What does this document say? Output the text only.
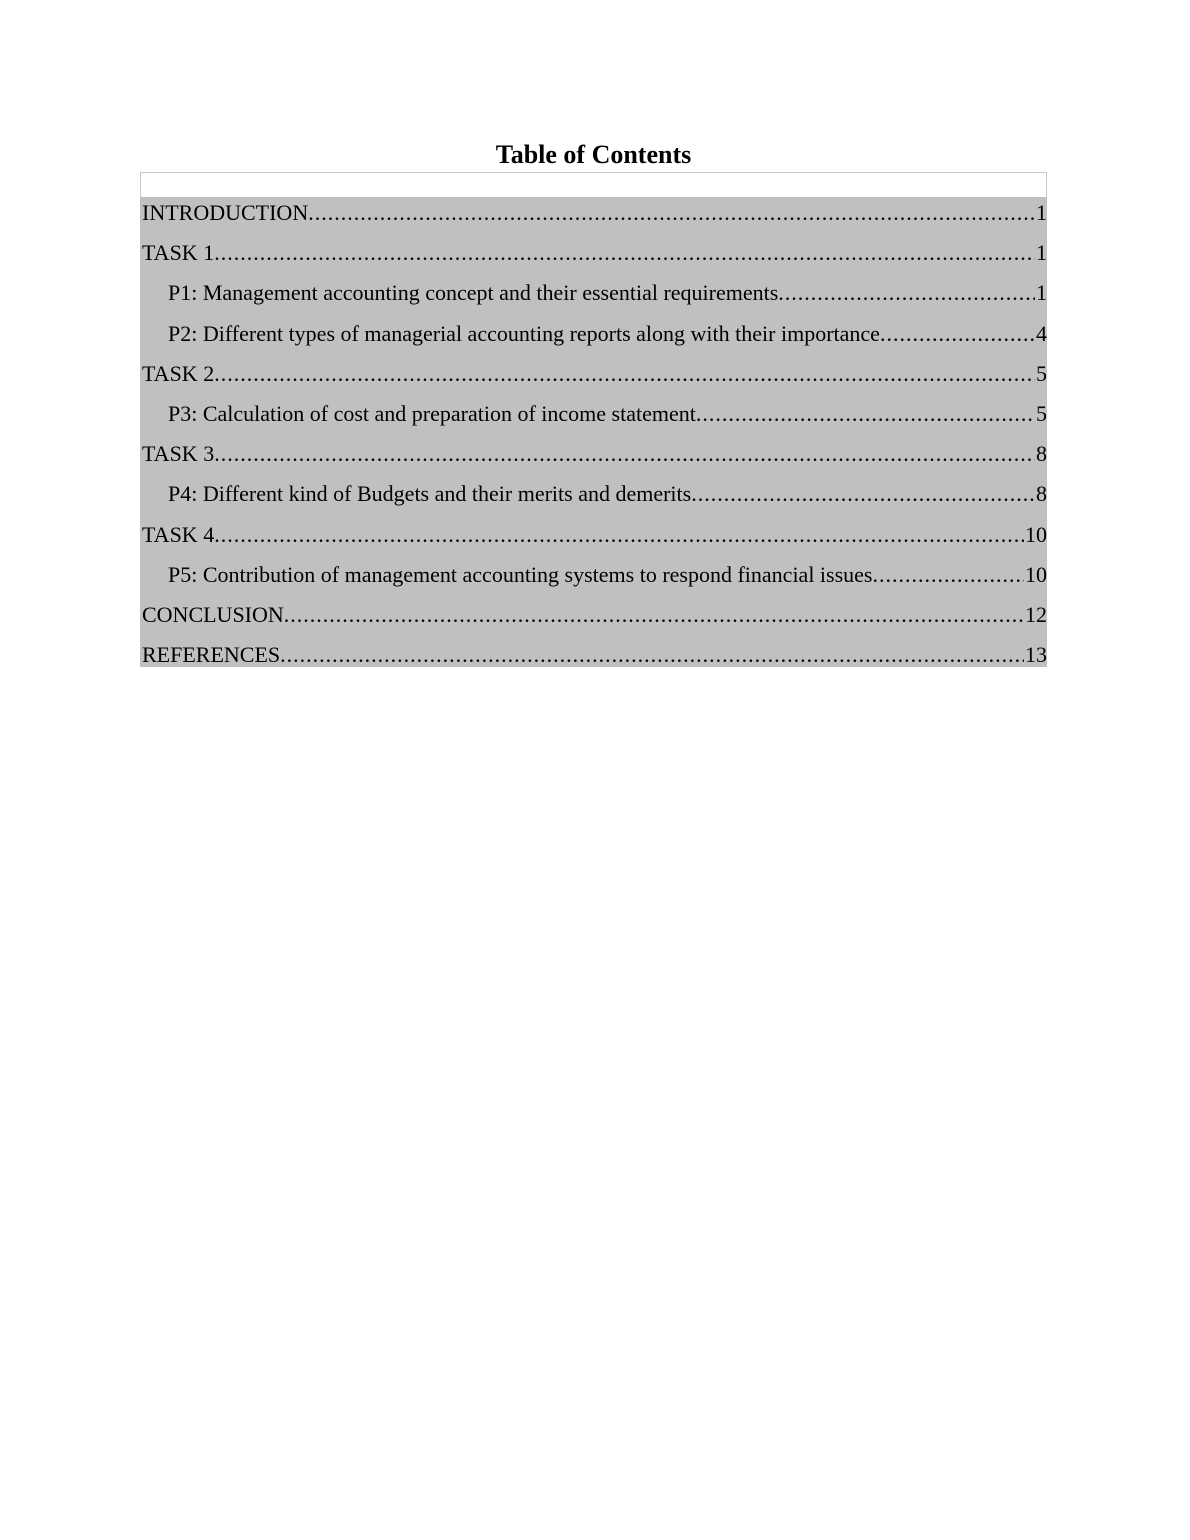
Table of Contents
INTRODUCTION .....	1
TASK 1 .....	1
P1: Management accounting concept and their essential requirements .....	1
P2: Different types of managerial accounting reports along with their importance .....	4
TASK 2 .....	5
P3: Calculation of cost and preparation of income statement .....	5
TASK 3 .....	8
P4: Different kind of Budgets and their merits and demerits .....	8
TASK 4 .....	10
P5: Contribution of management accounting systems to respond financial issues .....	10
CONCLUSION .....	12
REFERENCES .....	13
